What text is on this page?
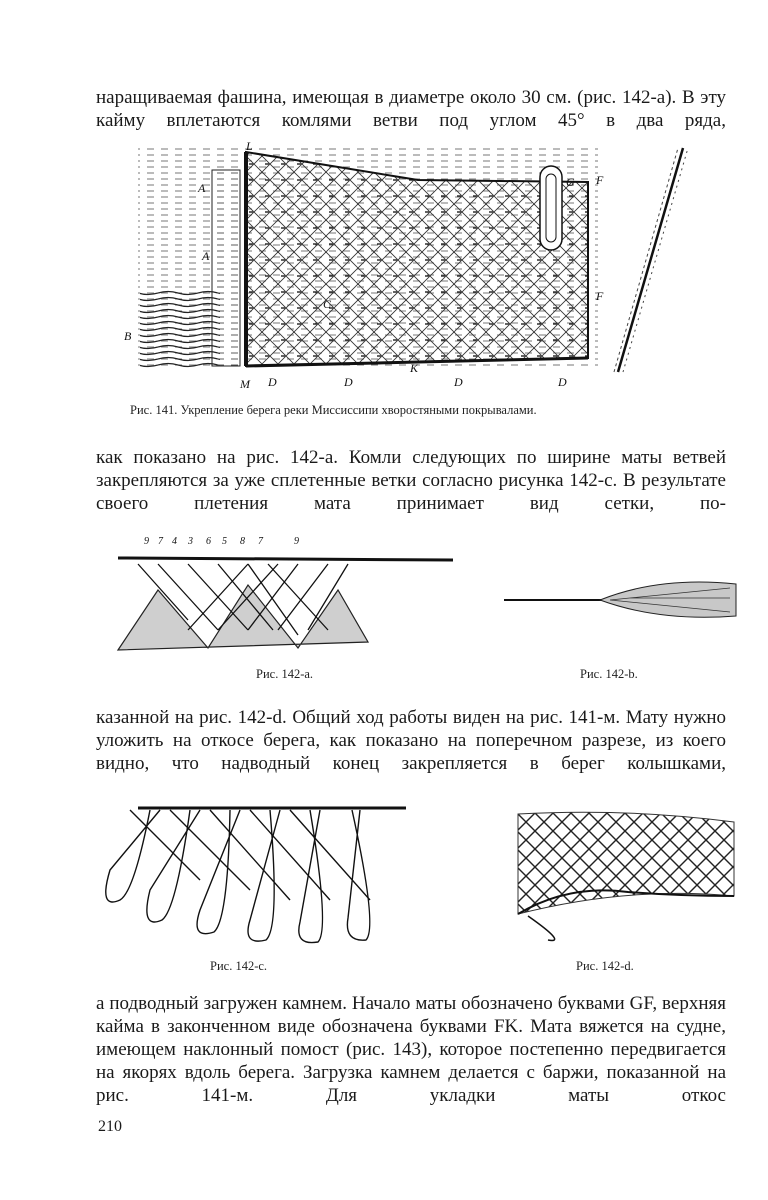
наращиваемая фашина, имеющая в диаметре около 30 см. (рис. 142-а). В эту кайму вплетаются комлями ветви под углом 45° в два ряда,

L
A
A
B
C
G F
F
K
M D	D	D	D
Рис. 141. Укрепление берега реки Миссиссипи хворостяными покрывалами.

как показано на рис. 142-а. Комли следующих по ширине маты ветвей закрепляются за уже сплетенные ветки согласно рисунка 142-с. В результате своего плетения мата принимает вид сетки, по-

9 7 4 3 6 5 8 7	9
Рис. 142-а.	Рис. 142-b.

казанной на рис. 142-d. Общий ход работы виден на рис. 141-м. Мату нужно уложить на откосе берега, как показано на поперечном разрезе, из коего видно, что надводный конец закрепляется в берег колышками,

Рис. 142-с.	Рис. 142-d.

а подводный загружен камнем. Начало маты обозначено буквами GF, верхняя кайма в законченном виде обозначена буквами FK. Мата вяжется на судне, имеющем наклонный помост (рис. 143), которое постепенно передвигается на якорях вдоль берега. Загрузка камнем делается с баржи, показанной на рис. 141-м. Для укладки маты откос

210
